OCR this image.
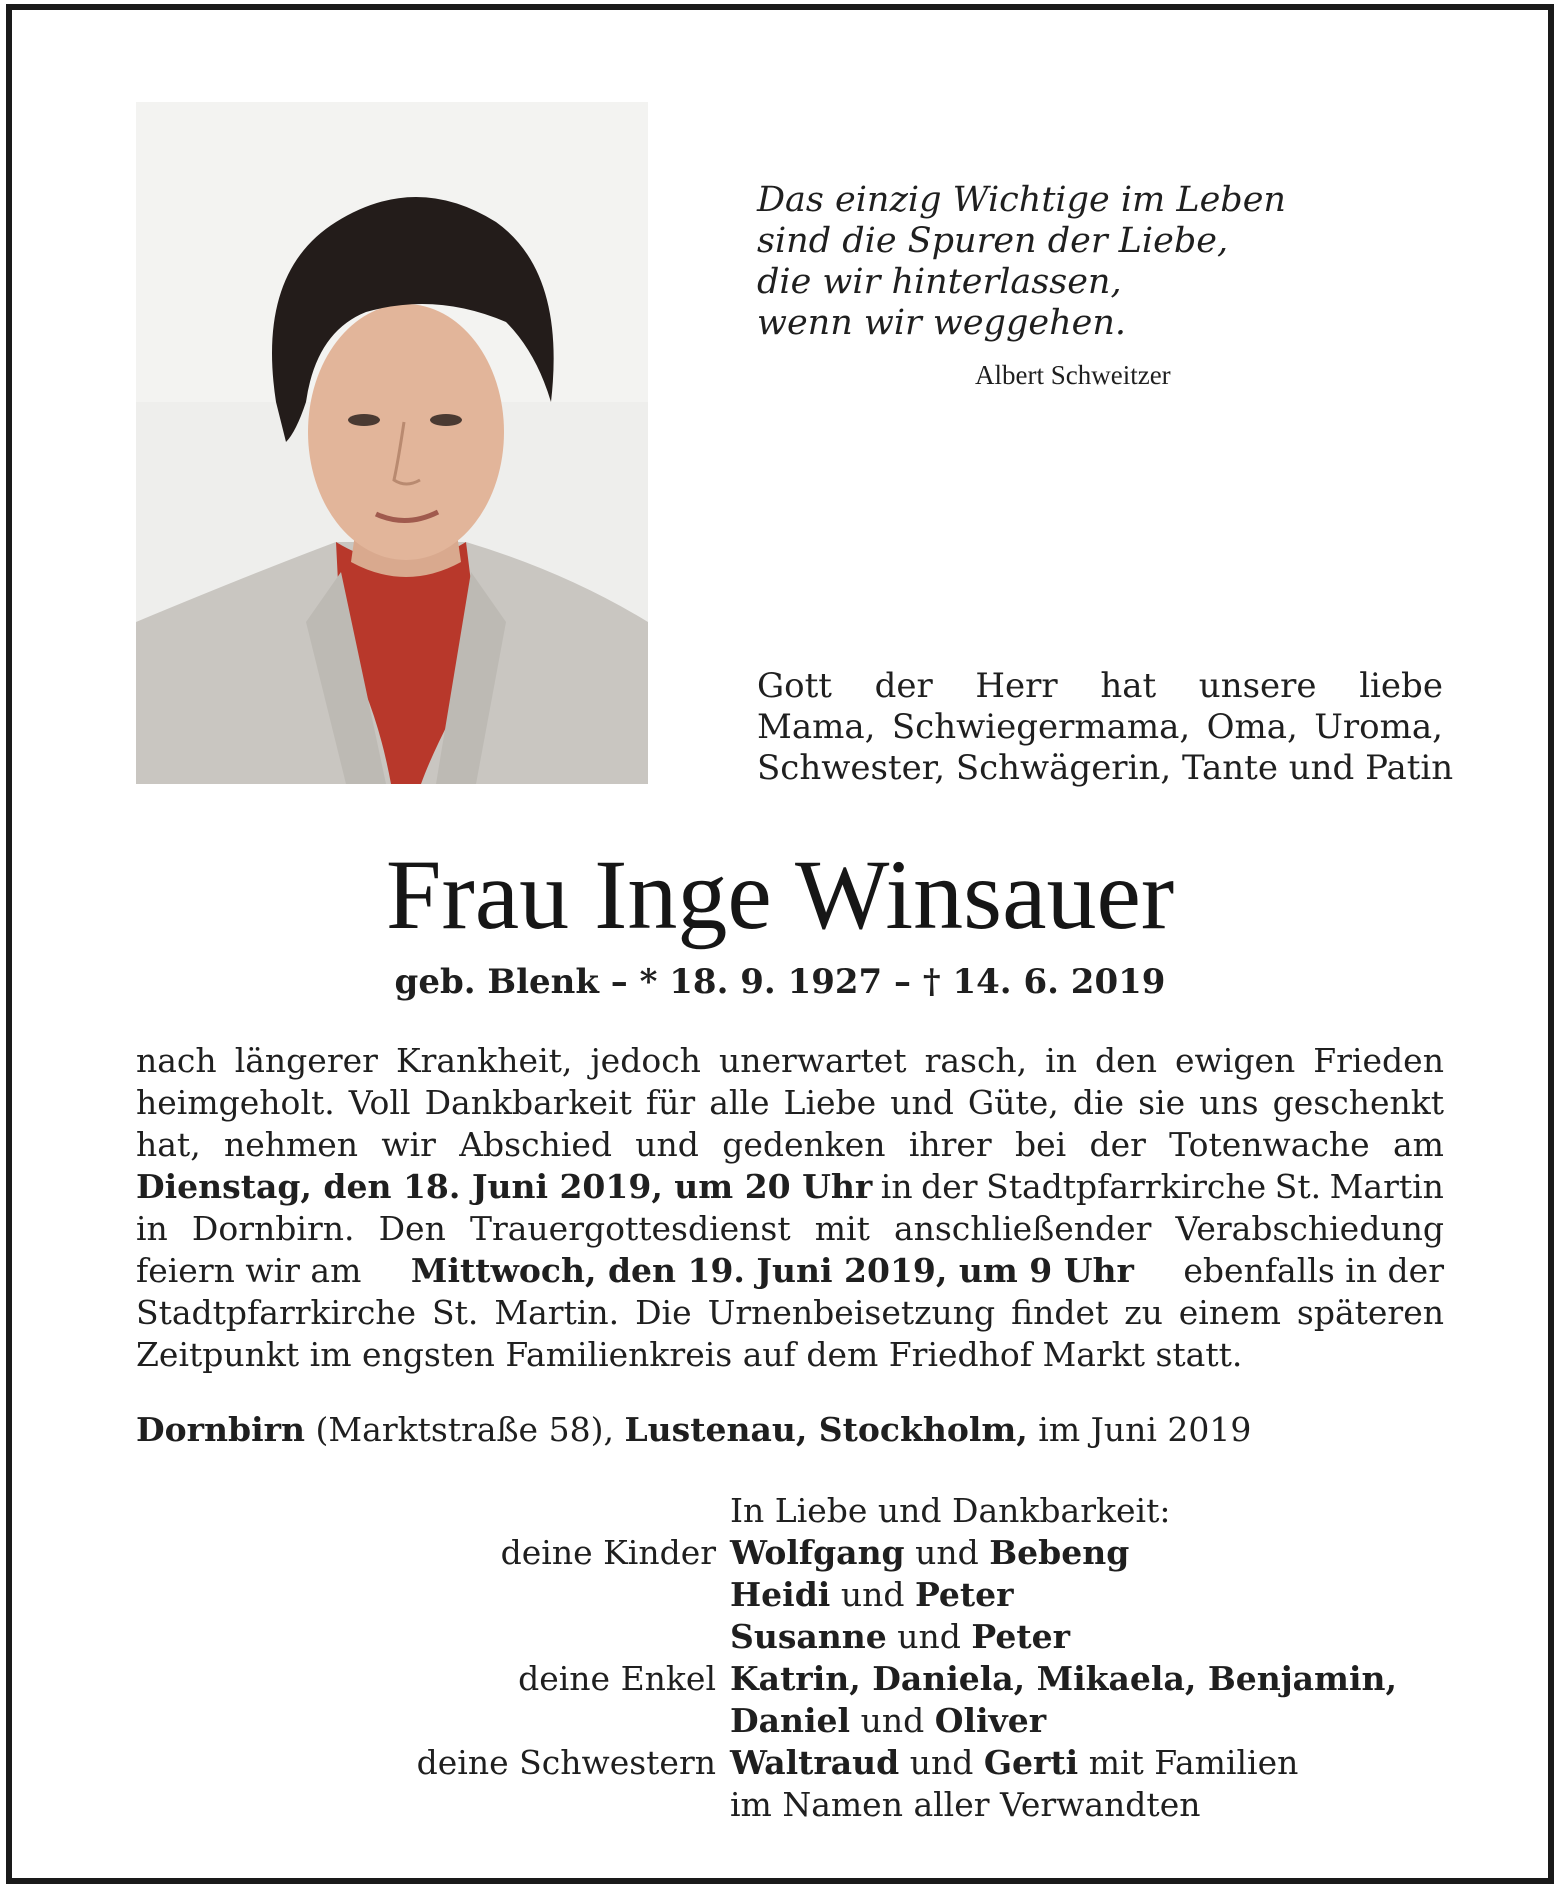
Das einzig Wichtige im Leben
sind die Spuren der Liebe,
die wir hinterlassen,
wenn wir weggehen.
Albert Schweitzer
Gott der Herr hat unsere liebe
Mama, Schwiegermama, Oma, Uroma,
Schwester, Schwägerin, Tante und Patin
Frau Inge Winsauer
geb. Blenk – * 18. 9. 1927 – † 14. 6. 2019
nach längerer Krankheit, jedoch unerwartet rasch, in den ewigen Frieden
heimgeholt. Voll Dankbarkeit für alle Liebe und Güte, die sie uns geschenkt
hat, nehmen wir Abschied und gedenken ihrer bei der Totenwache am
Dienstag, den 18. Juni 2019, um 20 Uhr in der Stadtpfarrkirche St. Martin
in Dornbirn. Den Trauergottesdienst mit anschließender Verabschiedung
feiern wir am Mittwoch, den 19. Juni 2019, um 9 Uhr ebenfalls in der
Stadtpfarrkirche St. Martin. Die Urnenbeisetzung findet zu einem späteren
Zeitpunkt im engsten Familienkreis auf dem Friedhof Markt statt.
Dornbirn (Marktstraße 58), Lustenau, Stockholm, im Juni 2019
In Liebe und Dankbarkeit:
deine Kinder Wolfgang und Bebeng
Heidi und Peter
Susanne und Peter
deine Enkel Katrin, Daniela, Mikaela, Benjamin,
Daniel und Oliver
deine Schwestern Waltraud und Gerti mit Familien
im Namen aller Verwandten
